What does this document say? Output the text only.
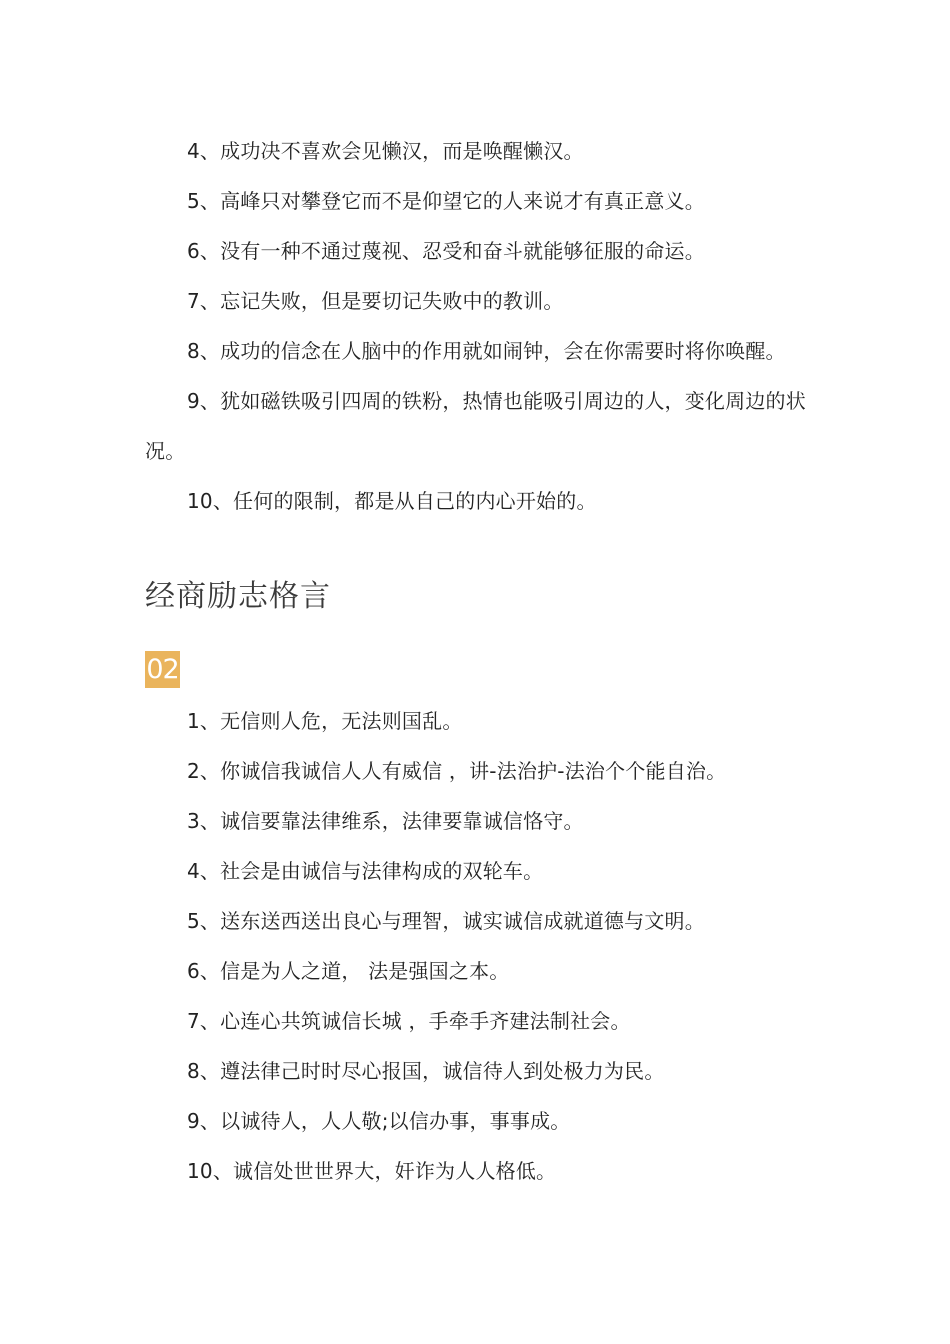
4、成功决不喜欢会见懒汉，而是唤醒懒汉。

5、高峰只对攀登它而不是仰望它的人来说才有真正意义。

6、没有一种不通过蔑视、忍受和奋斗就能够征服的命运。

7、忘记失败，但是要切记失败中的教训。

8、成功的信念在人脑中的作用就如闹钟，会在你需要时将你唤醒。

9、犹如磁铁吸引四周的铁粉，热情也能吸引周边的人，变化周边的状况。

10、任何的限制，都是从自己的内心开始的。

经商励志格言
02

1、无信则人危，无法则国乱。

2、你诚信我诚信人人有威信 ，讲-法治护-法治个个能自治。

3、诚信要靠法律维系，法律要靠诚信恪守。

4、社会是由诚信与法律构成的双轮车。

5、送东送西送出良心与理智，诚实诚信成就道德与文明。

6、信是为人之道， 法是强国之本。

7、心连心共筑诚信长城 ，手牵手齐建法制社会。

8、遵法律己时时尽心报国，诚信待人到处极力为民。

9、以诚待人，人人敬;以信办事，事事成。

10、诚信处世世界大，奸诈为人人格低。
